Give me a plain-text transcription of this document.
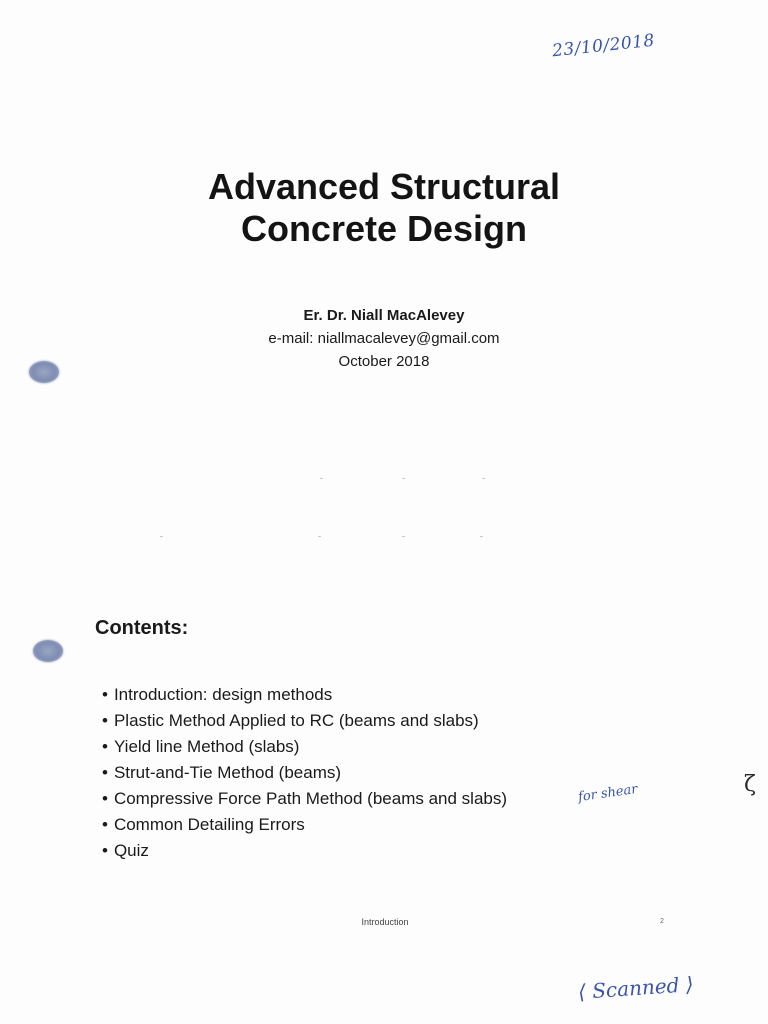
23/10/2018
Advanced Structural
Concrete Design
Er. Dr. Niall MacAlevey
e-mail: niallmacalevey@gmail.com
October 2018
Contents:
• Introduction: design methods
• Plastic Method Applied to RC (beams and slabs)
• Yield line Method (slabs)
• Strut-and-Tie Method (beams)
• Compressive Force Path Method (beams and slabs)
• Common Detailing Errors
• Quiz
for shear	ζ
Introduction	2
⟨ Scanned ⟩
